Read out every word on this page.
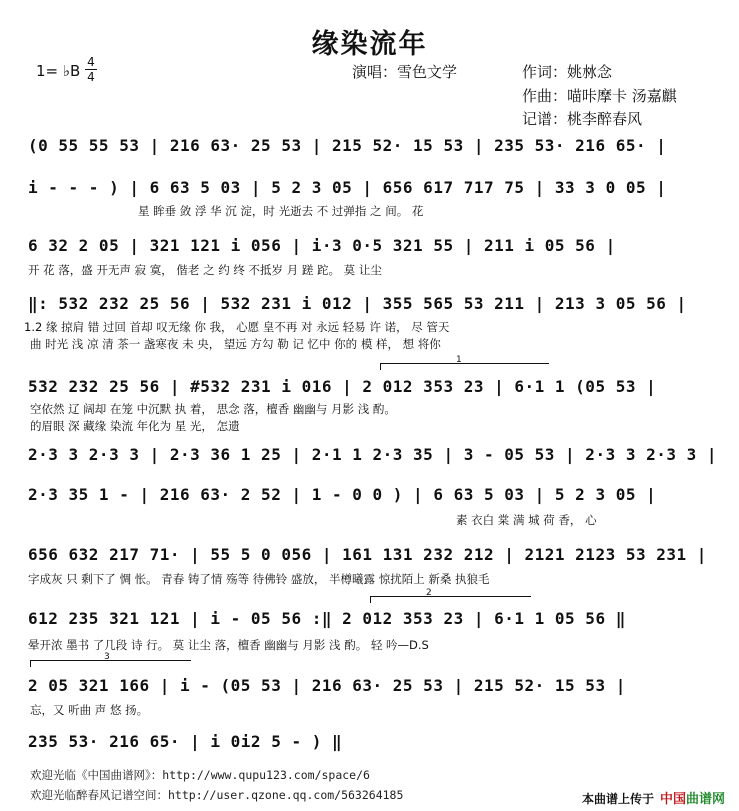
缘染流年
1= ♭B 4
4	演唱：雪色文学	作词：姚沝念
作曲：喵咔摩卡 汤嘉麒
记谱：桃李醉春风
(0 55 55 53 | 216 63· 25 53 | 215 52· 15 53 | 235 53· 216 65· |
i - - - ) | 6 63 5 03 | 5 2 3 05 | 656 617 717 75 | 33 3 0 05 |
星 眸垂 敛 浮 华 沉 淀，时 光逝去 不 过弹指 之 间。 花
6 32 2 05 | 321 121 i 056 | i·3 0·5 321 55 | 211 i 05 56 |
开 花 落，盛 开无声 寂 寞， 偕老 之 约 终 不抵岁 月 蹉 跎。 莫 让尘
‖: 532 232 25 56 | 532 231 i 012 | 355 565 53 211 | 213 3 05 56 |
1.2 缘 掠肩 错 过回 首却 叹无缘 你 我， 心愿 皇不再 对 永远 轻易 许 诺， 尽 管天
曲 时光 浅 凉 清 茶一 盏寒夜 未 央， 望远 方勾 勒 记 忆中 你的 模 样， 想 将你
1
532 232 25 56 | #532 231 i 016 | 2 012 353 23 | 6·1 1 (05 53 |
空依然 辽 阔却 在笼 中沉默 执 着， 思念 落，檀香 幽幽与 月影 浅 酌。
的眉眼 深 藏缘 染流 年化为 星 光， 怎遗
2·3 3 2·3 3 | 2·3 36 1 25 | 2·1 1 2·3 35 | 3 - 05 53 | 2·3 3 2·3 3 |
2·3 35 1 - | 216 63· 2 52 | 1 - 0 0 ) | 6 63 5 03 | 5 2 3 05 |
素 衣白 棠 满 城 荷 香， 心
656 632 217 71· | 55 5 0 056 | 161 131 232 212 | 2121 2123 53 231 |
字成灰 只 剩下了 惆 怅。 青春 铸了情 殇等 待佛铃 盛放， 半樽曦露 惊扰陌上 新桑 执狼毛
2
612 235 321 121 | i - 05 56 :‖ 2 012 353 23 | 6·1 1 05 56 ‖
晕开浓 墨书 了几段 诗 行。 莫 让尘 落，檀香 幽幽与 月影 浅 酌。 轻 吟—D.S
3
2 05 321 166 | i - (05 53 | 216 63· 25 53 | 215 52· 15 53 |
忘，又 听曲 声 悠 扬。
235 53· 216 65· | i 0i2 5 - ) ‖
欢迎光临《中国曲谱网》：http://www.qupu123.com/space/6
欢迎光临醉春风记谱空间：http://user.qzone.qq.com/563264185	本曲谱上传于 中国曲谱网
